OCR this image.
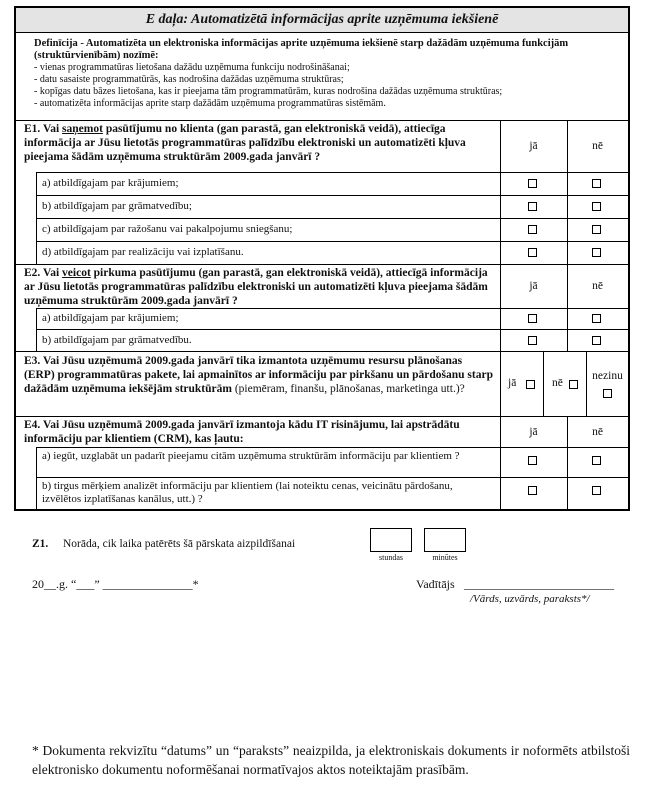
E daļa: Automatizētā informācijas aprite uzņēmuma iekšienē
Definīcija - Automatizēta un elektroniska informācijas aprite uzņēmuma iekšienē starp dažādām uzņēmuma funkcijām (struktūrvienībām) nozīmē:
- vienas programmatūras lietošana dažādu uzņēmuma funkciju nodrošināšanai;
- datu sasaiste programmatūrās, kas nodrošina dažādas uzņēmuma struktūras;
- kopīgas datu bāzes lietošana, kas ir pieejama tām programmatūrām, kuras nodrošina dažādas uzņēmuma struktūras;
- automatizēta informācijas aprite starp dažādām uzņēmuma programmatūras sistēmām.
E1. Vai saņemot pasūtījumu no klienta (gan parastā, gan elektroniskā veidā), attiecīga informācija ar Jūsu lietotās programmatūras palīdzību elektroniski un automatizēti kļuva pieejama šādām uzņēmuma struktūrām 2009.gada janvārī ?
jā	nē
a) atbildīgajam par krājumiem;
b) atbildīgajam par grāmatvedību;
c) atbildīgajam par ražošanu vai pakalpojumu sniegšanu;
d) atbildīgajam par realizāciju vai izplatīšanu.
E2. Vai veicot pirkuma pasūtījumu (gan parastā, gan elektroniskā veidā), attiecīgā informācija ar Jūsu lietotās programmatūras palīdzību elektroniski un automatizēti kļuva pieejama šādām uzņēmuma struktūrām 2009.gada janvārī ?
jā	nē
a) atbildīgajam par krājumiem;
b) atbildīgajam par grāmatvedību.
E3. Vai Jūsu uzņēmumā 2009.gada janvārī tika izmantota uzņēmumu resursu plānošanas (ERP) programmatūras pakete, lai apmainītos ar informāciju par pirkšanu un pārdošanu starp dažādām uzņēmuma iekšējām struktūrām (piemēram, finanšu, plānošanas, marketinga utt.)?	jā	nē
nezinu
E4. Vai Jūsu uzņēmumā 2009.gada janvārī izmantoja kādu IT risinājumu, lai apstrādātu informāciju par klientiem (CRM), kas ļautu:
jā	nē
a) iegūt, uzglabāt un padarīt pieejamu citām uzņēmuma struktūrām informāciju par klientiem ?
b) tirgus mērķiem analizēt informāciju par klientiem (lai noteiktu cenas, veicinātu pārdošanu, izvēlētos izplatīšanas kanālus, utt.) ?
Z1. Norāda, cik laika patērēts šā pārskata aizpildīšanai
stundas	minūtes
20__.g. “___” _______________*	Vadītājs _________________________
/Vārds, uzvārds, paraksts*/
* Dokumenta rekvizītu “datums” un “paraksts” neaizpilda, ja elektroniskais dokuments ir noformēts atbilstoši elektronisko dokumentu noformēšanai normatīvajos aktos noteiktajām prasībām.
